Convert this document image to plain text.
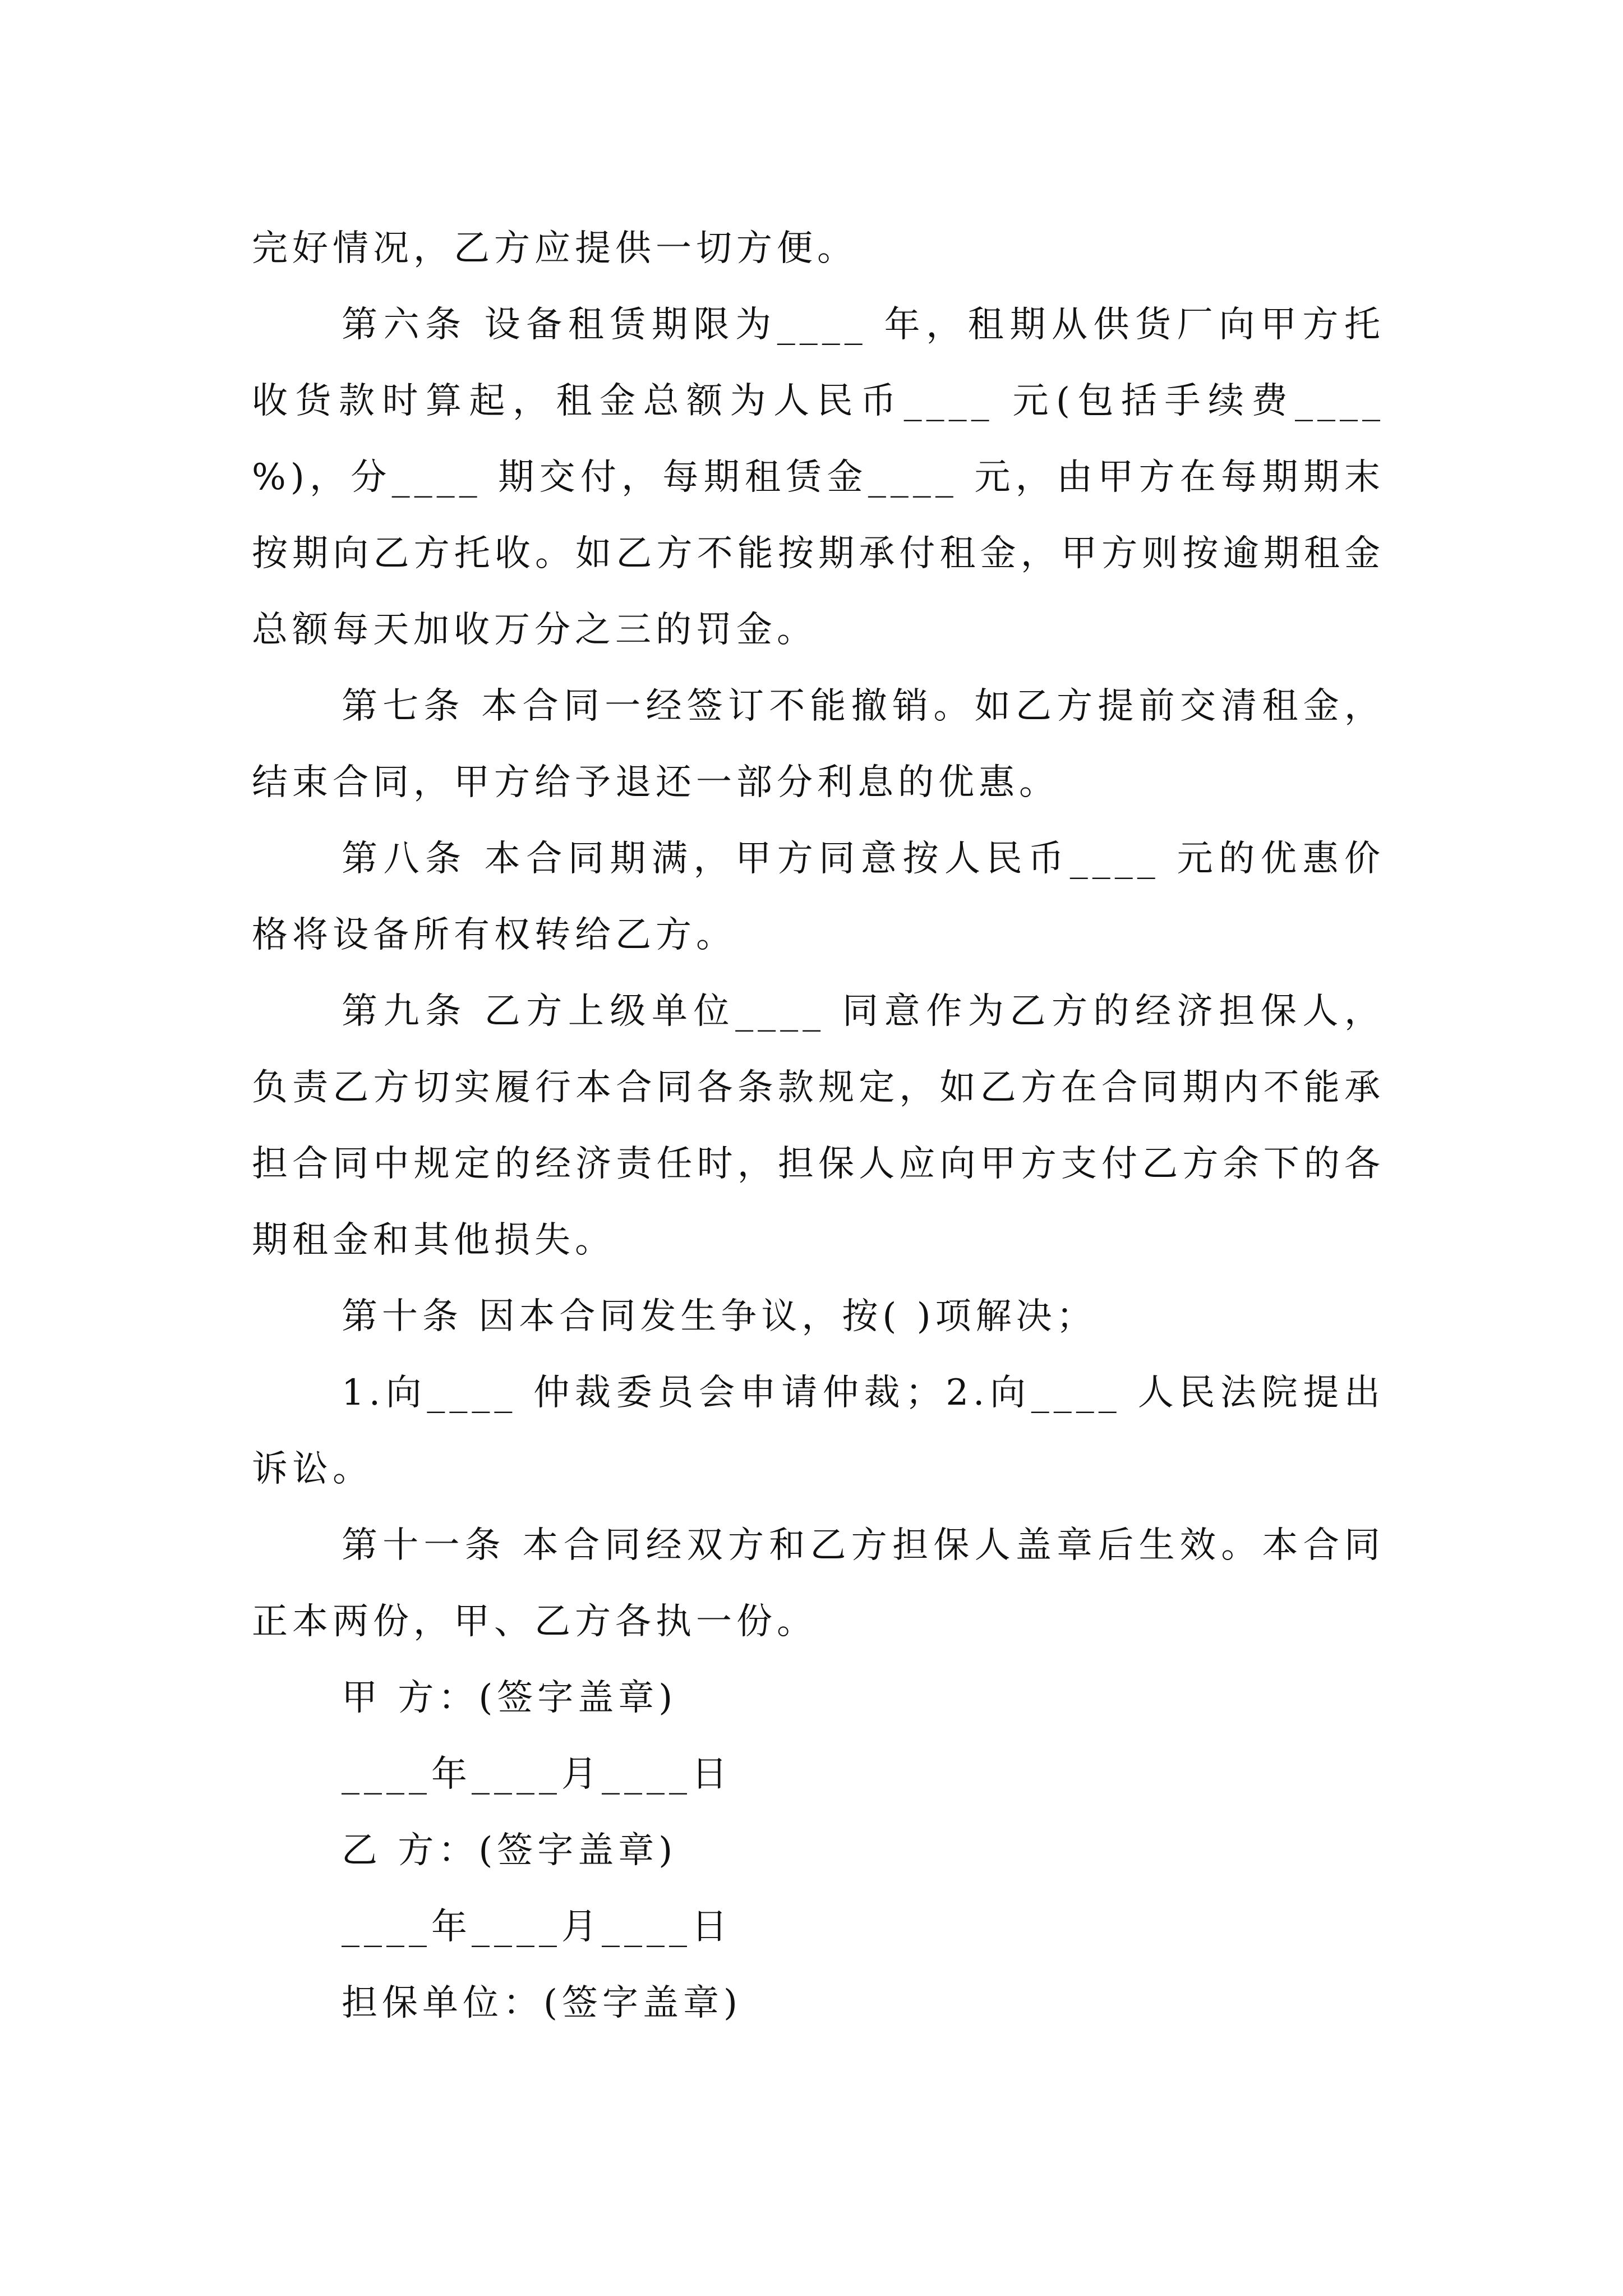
完好情况，乙方应提供一切方便。

第六条 设备租赁期限为____ 年，租期从供货厂向甲方托收货款时算起，租金总额为人民币____ 元(包括手续费____ %)，分____ 期交付，每期租赁金____ 元，由甲方在每期期末按期向乙方托收。如乙方不能按期承付租金，甲方则按逾期租金总额每天加收万分之三的罚金。

第七条 本合同一经签订不能撤销。如乙方提前交清租金，结束合同，甲方给予退还一部分利息的优惠。

第八条 本合同期满，甲方同意按人民币____ 元的优惠价格将设备所有权转给乙方。

第九条 乙方上级单位____ 同意作为乙方的经济担保人，负责乙方切实履行本合同各条款规定，如乙方在合同期内不能承担合同中规定的经济责任时，担保人应向甲方支付乙方余下的各期租金和其他损失。

第十条 因本合同发生争议，按( )项解决；

1.向____ 仲裁委员会申请仲裁；2.向____ 人民法院提出诉讼。

第十一条 本合同经双方和乙方担保人盖章后生效。本合同正本两份，甲、乙方各执一份。

甲 方：(签字盖章)

____年____月____日

乙 方：(签字盖章)

____年____月____日

担保单位：(签字盖章)
